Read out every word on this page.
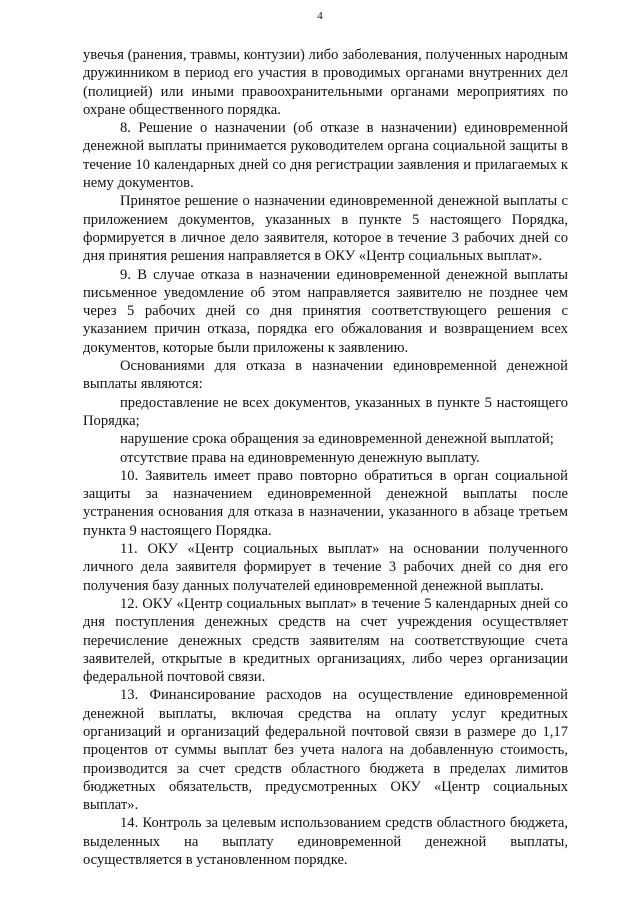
4

увечья (ранения, травмы, контузии) либо заболевания, полученных народным дружинником в период его участия в проводимых органами внутренних дел (полицией) или иными правоохранительными органами мероприятиях по охране общественного порядка.

8. Решение о назначении (об отказе в назначении) единовременной денежной выплаты принимается руководителем органа социальной защиты в течение 10 календарных дней со дня регистрации заявления и прилагаемых к нему документов.

Принятое решение о назначении единовременной денежной выплаты с приложением документов, указанных в пункте 5 настоящего Порядка, формируется в личное дело заявителя, которое в течение 3 рабочих дней со дня принятия решения направляется в ОКУ «Центр социальных выплат».

9. В случае отказа в назначении единовременной денежной выплаты письменное уведомление об этом направляется заявителю не позднее чем через 5 рабочих дней со дня принятия соответствующего решения с указанием причин отказа, порядка его обжалования и возвращением всех документов, которые были приложены к заявлению.

Основаниями для отказа в назначении единовременной денежной выплаты являются:

предоставление не всех документов, указанных в пункте 5 настоящего Порядка;

нарушение срока обращения за единовременной денежной выплатой;

отсутствие права на единовременную денежную выплату.

10. Заявитель имеет право повторно обратиться в орган социальной защиты за назначением единовременной денежной выплаты после устранения основания для отказа в назначении, указанного в абзаце третьем пункта 9 настоящего Порядка.

11. ОКУ «Центр социальных выплат» на основании полученного личного дела заявителя формирует в течение 3 рабочих дней со дня его получения базу данных получателей единовременной денежной выплаты.

12. ОКУ «Центр социальных выплат» в течение 5 календарных дней со дня поступления денежных средств на счет учреждения осуществляет перечисление денежных средств заявителям на соответствующие счета заявителей, открытые в кредитных организациях, либо через организации федеральной почтовой связи.

13. Финансирование расходов на осуществление единовременной денежной выплаты, включая средства на оплату услуг кредитных организаций и организаций федеральной почтовой связи в размере до 1,17 процентов от суммы выплат без учета налога на добавленную стоимость, производится за счет средств областного бюджета в пределах лимитов бюджетных обязательств, предусмотренных ОКУ «Центр социальных выплат».

14. Контроль за целевым использованием средств областного бюджета, выделенных на выплату единовременной денежной выплаты, осуществляется в установленном порядке.
